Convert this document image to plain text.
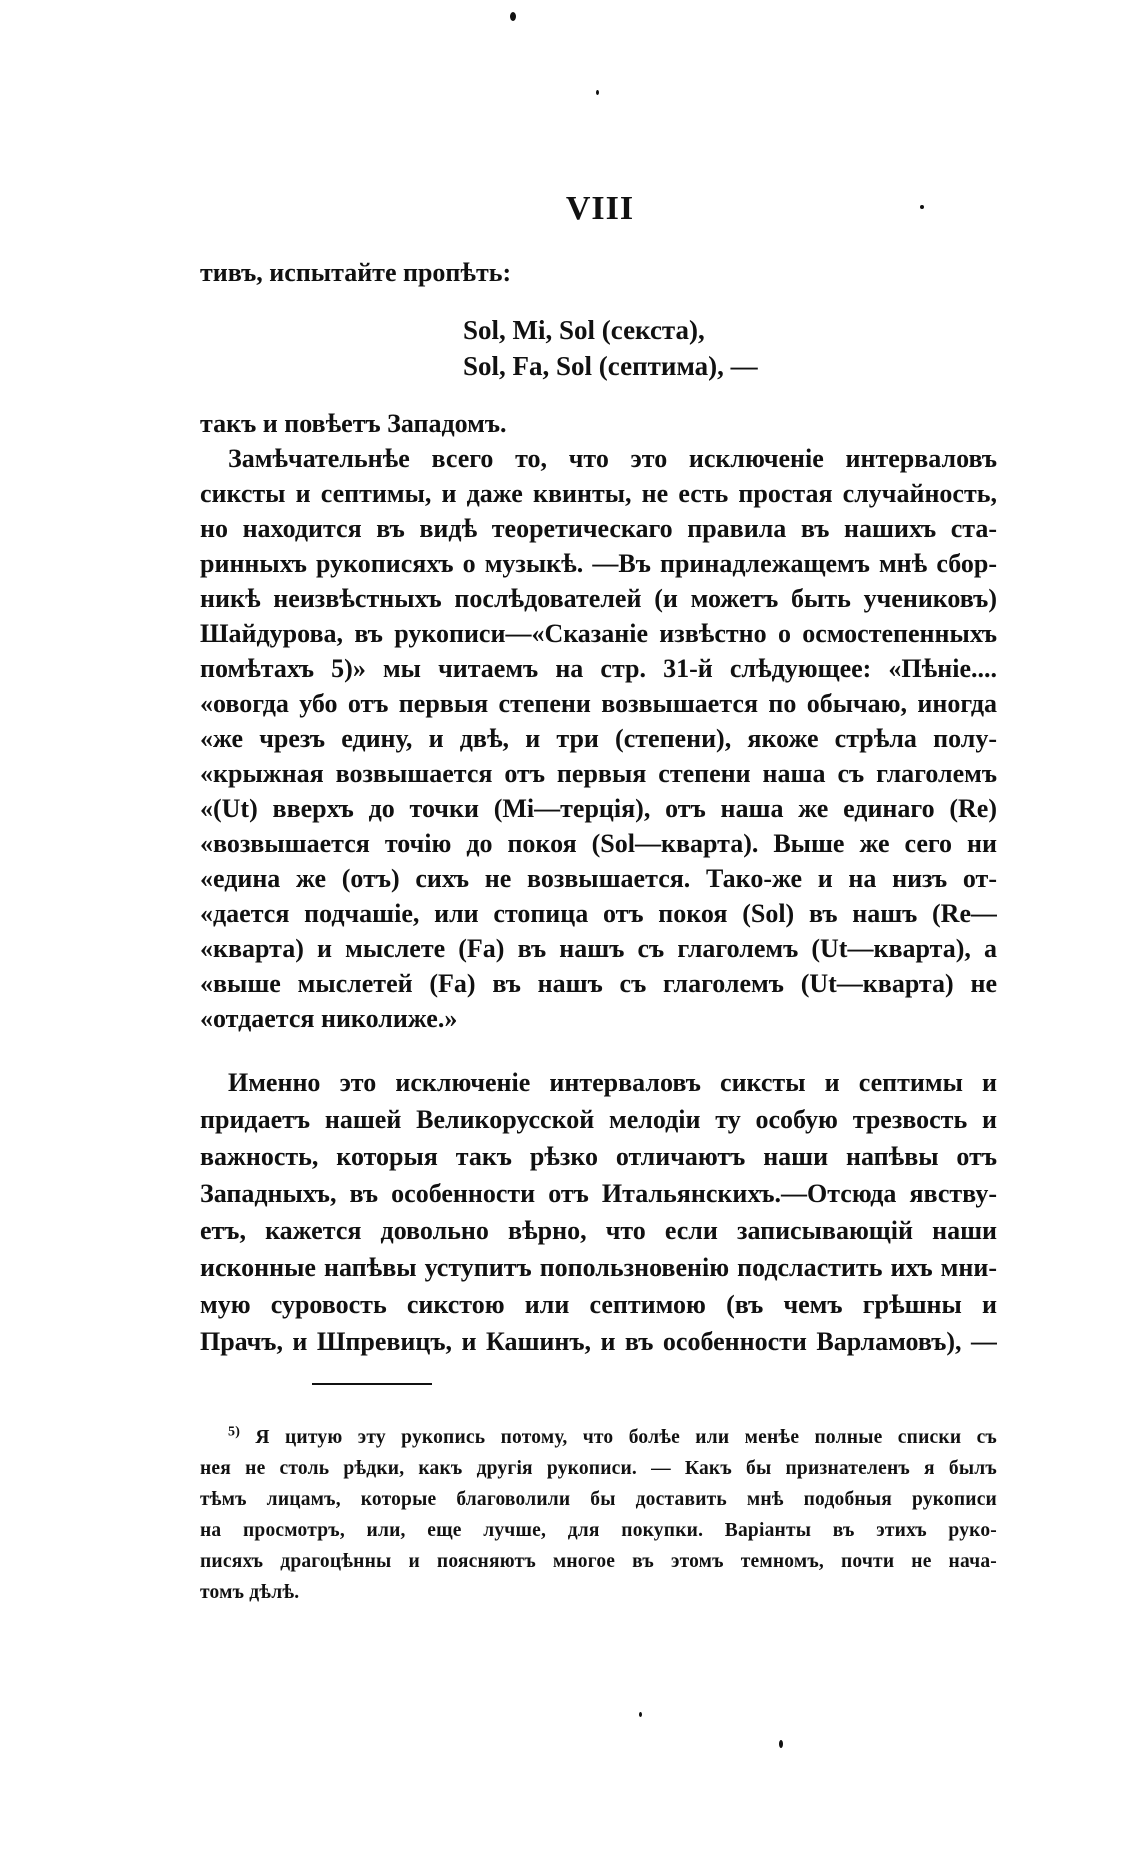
VIII
тивъ, испытайте пропѣть:
Sol, Mi, Sol (секста),
Sol, Fa, Sol (септима), —
такъ и повѣетъ Западомъ.
Замѣчательнѣе всего то, что это исключеніе интерваловъ
сиксты и септимы, и даже квинты, не есть простая случайность,
но находится въ видѣ теоретическаго правила въ нашихъ ста-
ринныхъ рукописяхъ о музыкѣ. —Въ принадлежащемъ мнѣ сбор-
никѣ неизвѣстныхъ послѣдователей (и можетъ быть учениковъ)
Шайдурова, въ рукописи—«Сказаніе извѣстно о осмостепенныхъ
помѣтахъ 5)» мы читаемъ на стр. 31-й слѣдующее: «Пѣніе....
«овогда убо отъ первыя степени возвышается по обычаю, иногда
«же чрезъ едину, и двѣ, и три (степени), якоже стрѣла полу-
«крыжная возвышается отъ первыя степени наша съ глаголемъ
«(Ut) вверхъ до точки (Mi—терція), отъ наша же единаго (Re)
«возвышается точію до покоя (Sol—кварта). Выше же сего ни
«едина же (отъ) сихъ не возвышается. Тако-же и на низъ от-
«дается подчашіе, или стопица отъ покоя (Sol) въ нашъ (Re—
«кварта) и мыслете (Fa) въ нашъ съ глаголемъ (Ut—кварта), а
«выше мыслетей (Fa) въ нашъ съ глаголемъ (Ut—кварта) не
«отдается николиже.»
Именно это исключеніе интерваловъ сиксты и септимы и
придаетъ нашей Великорусской мелодіи ту особую трезвость и
важность, которыя такъ рѣзко отличаютъ наши напѣвы отъ
Западныхъ, въ особенности отъ Итальянскихъ.—Отсюда явству-
етъ, кажется довольно вѣрно, что если записывающій наши
исконные напѣвы уступитъ попользновенію подсластить ихъ мни-
мую суровость сикстою или септимою (въ чемъ грѣшны и
Прачъ, и Шпревицъ, и Кашинъ, и въ особенности Варламовъ), —
$^{5)}$ Я цитую эту рукопись потому, что болѣе или менѣе полные списки съ
нея не столь рѣдки, какъ другія рукописи. — Какъ бы признателенъ я былъ
тѣмъ лицамъ, которые благоволили бы доставить мнѣ подобныя рукописи
на просмотръ, или, еще лучше, для покупки. Варіанты въ этихъ руко-
писяхъ драгоцѣнны и поясняютъ многое въ этомъ темномъ, почти не начa-
томъ дѣлѣ.
